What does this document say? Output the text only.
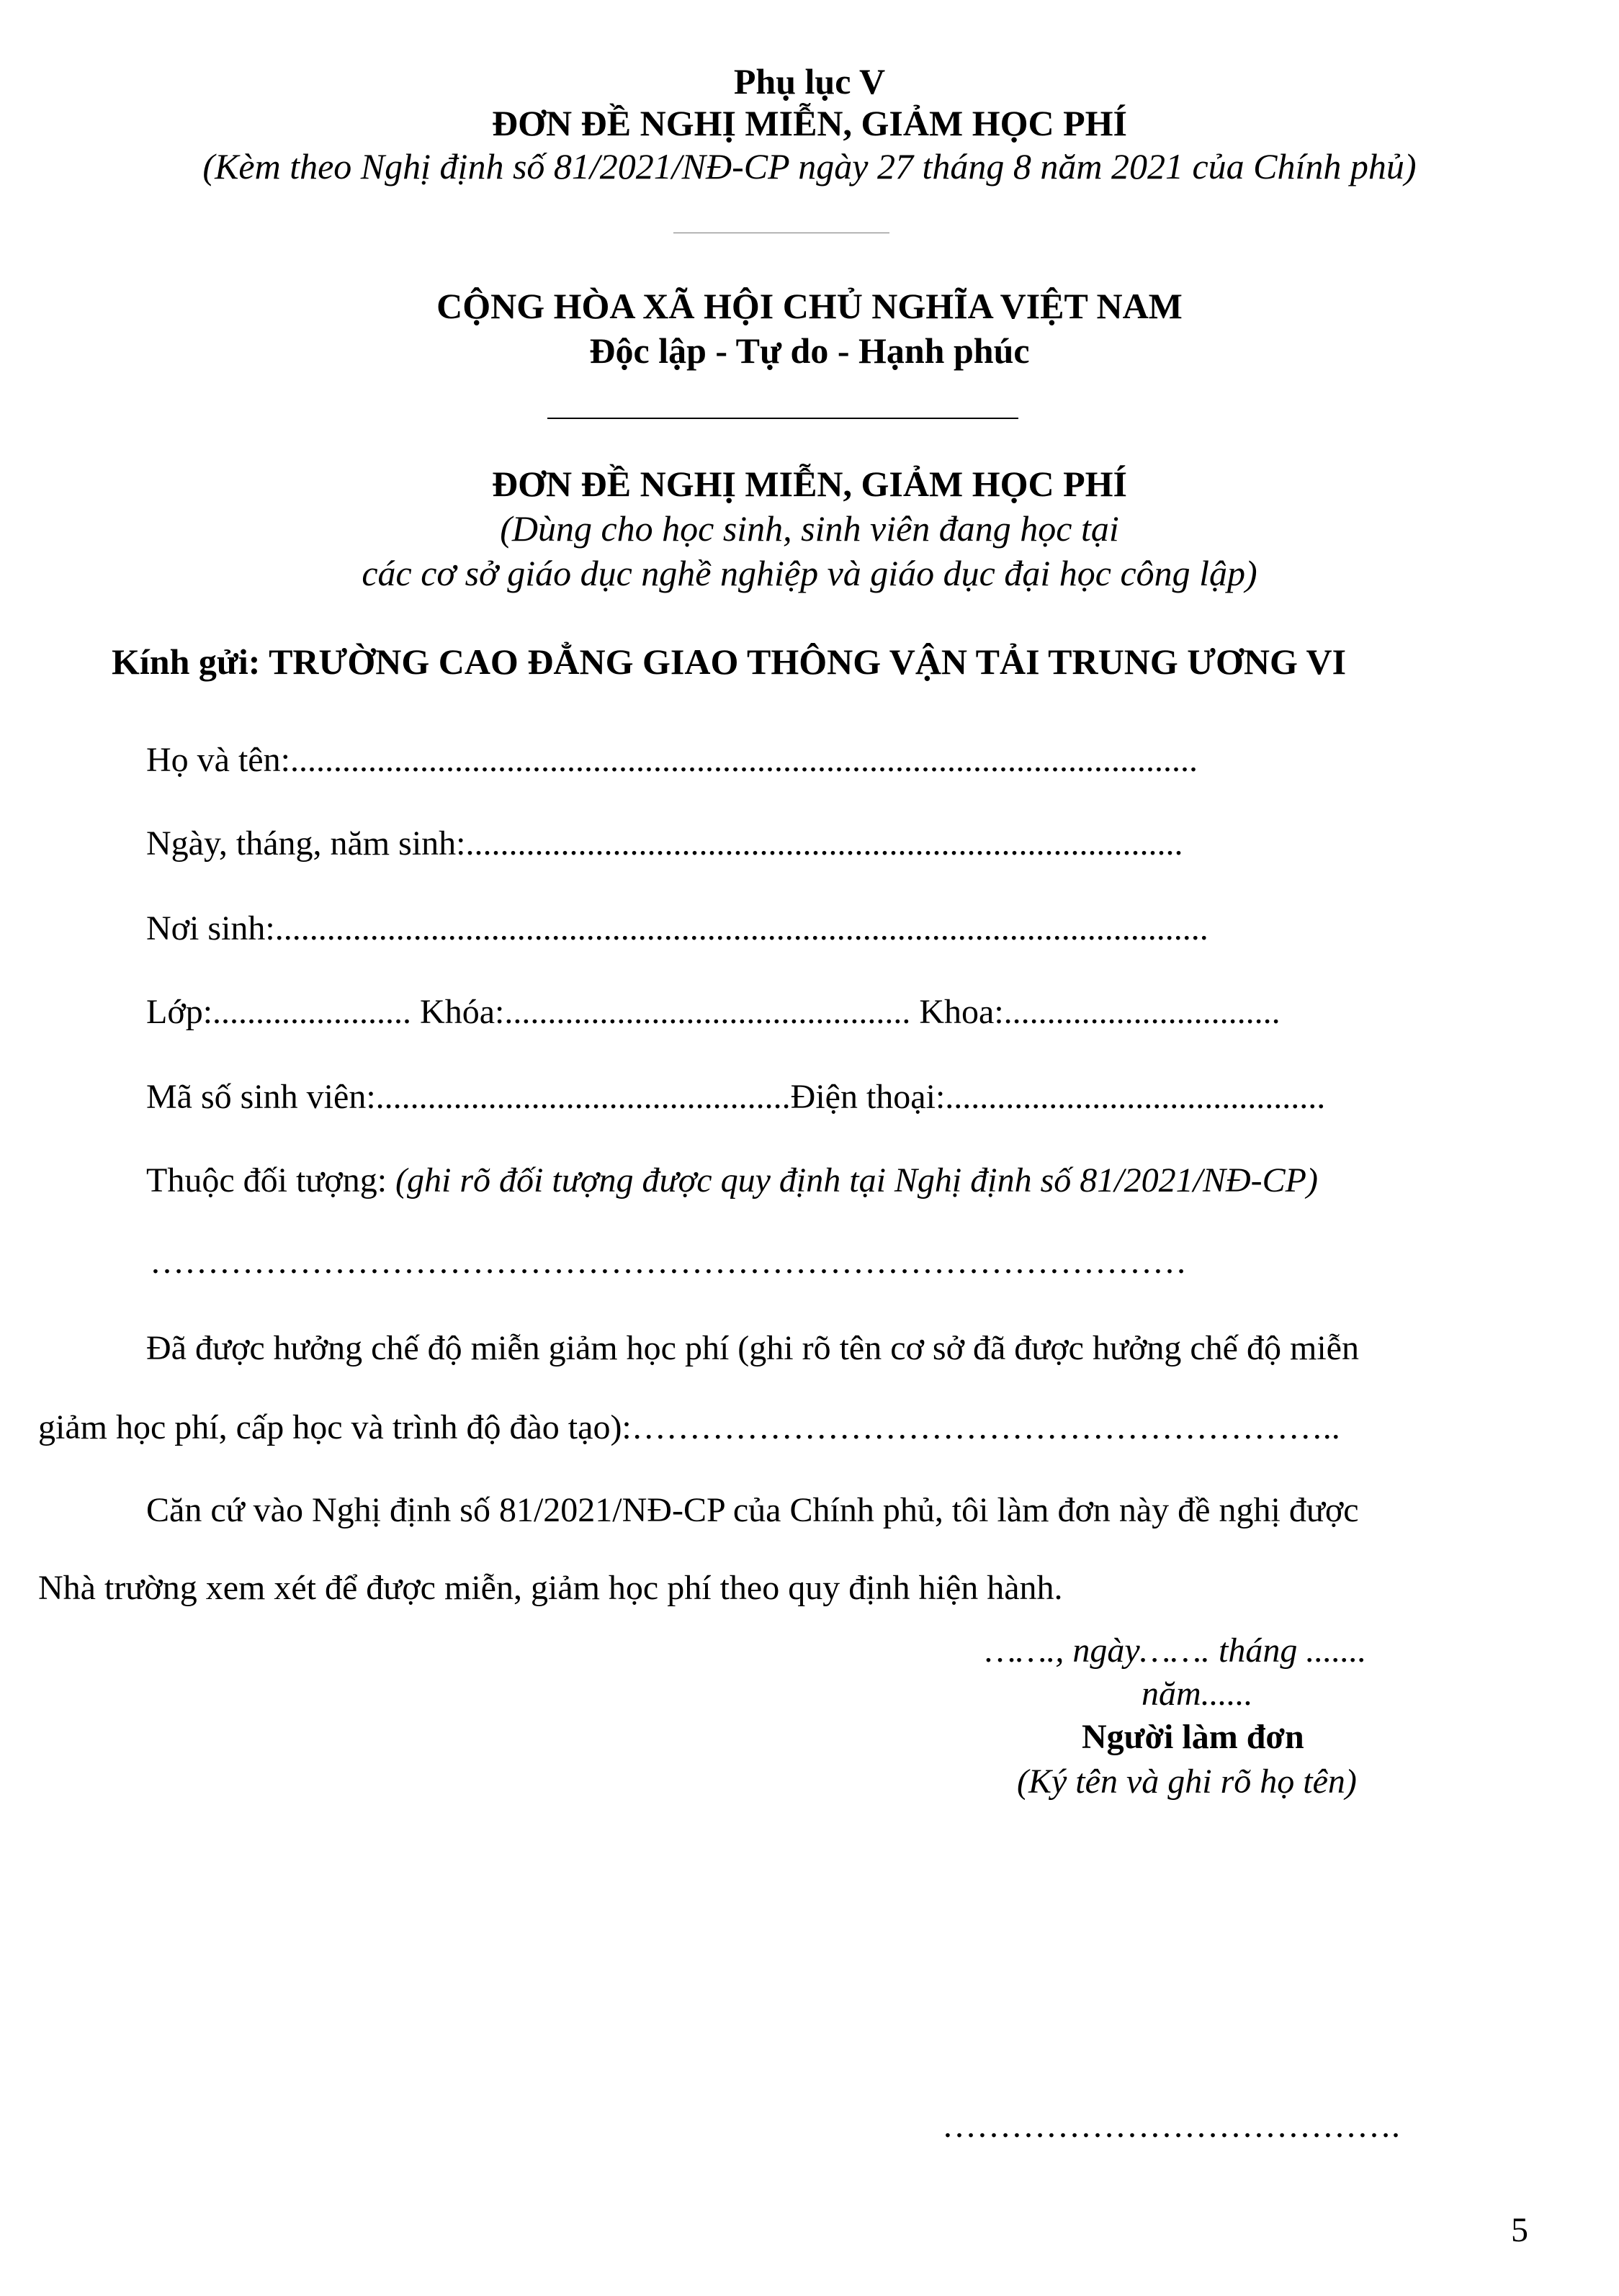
Phụ lục V
ĐƠN ĐỀ NGHỊ MIỄN, GIẢM HỌC PHÍ
(Kèm theo Nghị định số 81/2021/NĐ-CP ngày 27 tháng 8 năm 2021 của Chính phủ)
CỘNG HÒA XÃ HỘI CHỦ NGHĨA VIỆT NAM
Độc lập - Tự do - Hạnh phúc
ĐƠN ĐỀ NGHỊ MIỄN, GIẢM HỌC PHÍ
(Dùng cho học sinh, sinh viên đang học tại
các cơ sở giáo dục nghề nghiệp và giáo dục đại học công lập)
Kính gửi: TRƯỜNG CAO ĐẲNG GIAO THÔNG VẬN TẢI TRUNG ƯƠNG VI
Họ và tên:.........................................................................................................
Ngày, tháng, năm sinh:...................................................................................
Nơi sinh:............................................................................................................
Lớp:....................... Khóa:............................................... Khoa:................................
Mã số sinh viên:................................................Điện thoại:............................................
Thuộc đối tượng: (ghi rõ đối tượng được quy định tại Nghị định số 81/2021/NĐ-CP)
………………………………………………………………………………
Đã được hưởng chế độ miễn giảm học phí (ghi rõ tên cơ sở đã được hưởng chế độ miễn
giảm học phí, cấp học và trình độ đào tạo):……………………………………………………..
Căn cứ vào Nghị định số 81/2021/NĐ-CP của Chính phủ, tôi làm đơn này đề nghị được
Nhà trường xem xét để được miễn, giảm học phí theo quy định hiện hành.
……., ngày……. tháng .......
năm......
Người làm đơn
(Ký tên và ghi rõ họ tên)
………………………………….
5
